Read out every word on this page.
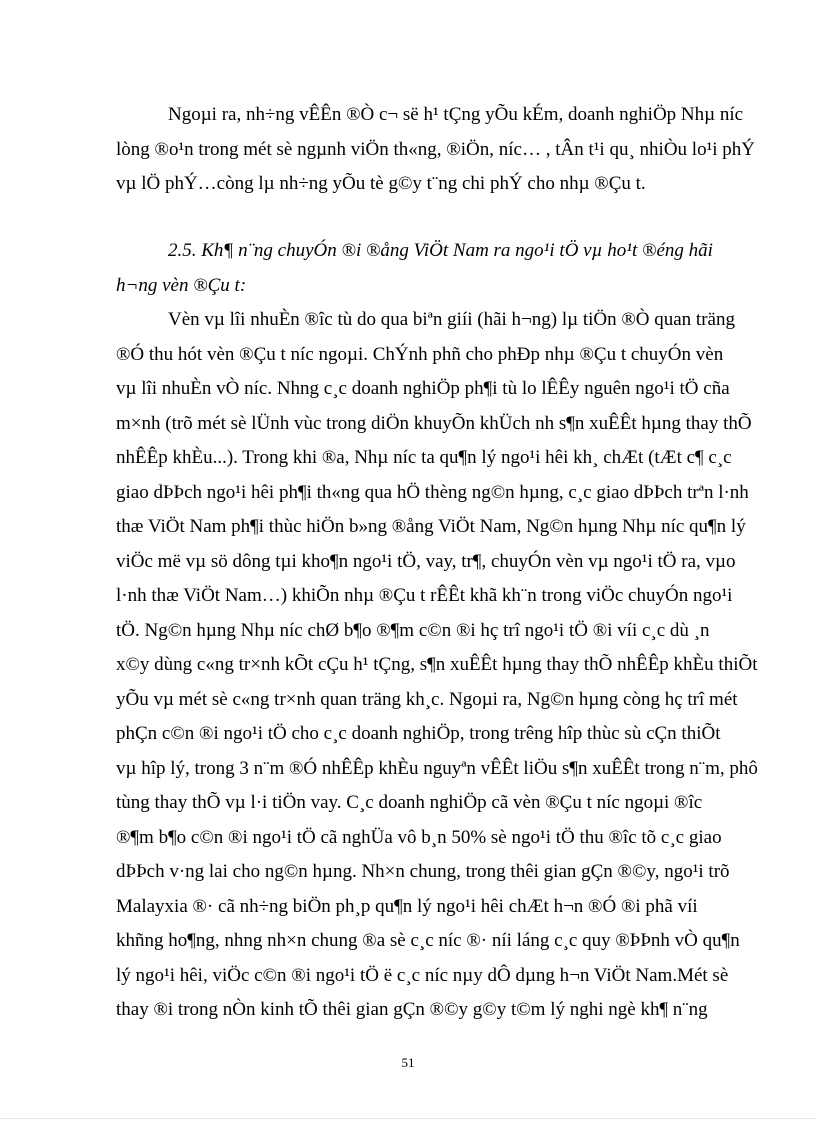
Ngoµi ra, nh÷ng vÊÊn ®Ò c¬ së h¹ tÇng yÕu kÉm, doanh nghiÖp Nhµ níc
lòng ®o¹n trong mét sè ngµnh viÖn th«ng, ®iÖn, níc… , tÂn t¹i qu¸ nhiÒu lo¹i phÝ
vµ lÖ phÝ…còng lµ nh÷ng yÕu tè g©y t¨ng chi phÝ cho nhµ ®Çu t.
2.5. Kh¶ n¨ng chuyÓn ®i ®ång ViÖt Nam ra ngo¹i tÖ vµ ho¹t ®éng hãi
h¬ng vèn ®Çu t:
Vèn vµ lîi nhuÈn ®îc tù do qua biªn giíi (hãi h¬ng) lµ tiÖn ®Ò quan träng
®Ó thu hót vèn ®Çu t níc ngoµi. ChÝnh phñ cho phÐp nhµ ®Çu t chuyÓn vèn
vµ lîi nhuÈn vÒ níc. Nhng c¸c doanh nghiÖp ph¶i tù lo lÊÊy nguên ngo¹i tÖ cña
m×nh (trõ mét sè lÜnh vùc trong diÖn khuyÕn khÜch nh s¶n xuÊÊt hµng thay thÕ
nhÊÊp khÈu...). Trong khi ®a, Nhµ níc ta qu¶n lý ngo¹i hêi kh¸ chÆt (tÆt c¶ c¸c
giao dÞÞch ngo¹i hêi ph¶i th«ng qua hÖ thèng ng©n hµng, c¸c giao dÞÞch trªn l·nh
thæ ViÖt Nam ph¶i thùc hiÖn b»ng ®ång ViÖt Nam, Ng©n hµng Nhµ níc qu¶n lý
viÖc më vµ sö dông tµi kho¶n ngo¹i tÖ, vay, tr¶, chuyÓn vèn vµ ngo¹i tÖ ra, vµo
l·nh thæ ViÖt Nam…) khiÕn nhµ ®Çu t rÊÊt khã kh¨n trong viÖc chuyÓn ngo¹i
tÖ. Ng©n hµng Nhµ níc chØ b¶o ®¶m c©n ®i hç trî ngo¹i tÖ ®i víi c¸c dù ¸n
x©y dùng c«ng tr×nh kÕt cÇu h¹ tÇng, s¶n xuÊÊt hµng thay thÕ nhÊÊp khÈu thiÕt
yÕu vµ mét sè c«ng tr×nh quan träng kh¸c. Ngoµi ra, Ng©n hµng còng hç trî mét
phÇn c©n ®i ngo¹i tÖ cho c¸c doanh nghiÖp, trong trêng hîp thùc sù cÇn thiÕt
vµ hîp lý, trong 3 n¨m ®Ó nhÊÊp khÈu nguyªn vÊÊt liÖu s¶n xuÊÊt trong n¨m, phô
tùng thay thÕ vµ l·i tiÖn vay. C¸c doanh nghiÖp cã vèn ®Çu t níc ngoµi ®îc
®¶m b¶o c©n ®i ngo¹i tÖ cã nghÜa vô b¸n 50% sè ngo¹i tÖ thu ®îc tõ c¸c giao
dÞÞch v·ng lai cho ng©n hµng. Nh×n chung, trong thêi gian gÇn ®©y, ngo¹i trõ
Malayxia ®· cã nh÷ng biÖn ph¸p qu¶n lý ngo¹i hêi chÆt h¬n ®Ó ®i phã víi
khñng ho¶ng, nhng nh×n chung ®a sè c¸c níc ®· níi láng c¸c quy ®ÞÞnh vÒ qu¶n
lý ngo¹i hêi, viÖc c©n ®i ngo¹i tÖ ë c¸c níc nµy dÔ dµng h¬n ViÖt Nam.Mét sè
thay ®i trong nÒn kinh tÕ thêi gian gÇn ®©y g©y t©m lý nghi ngè kh¶ n¨ng
51
